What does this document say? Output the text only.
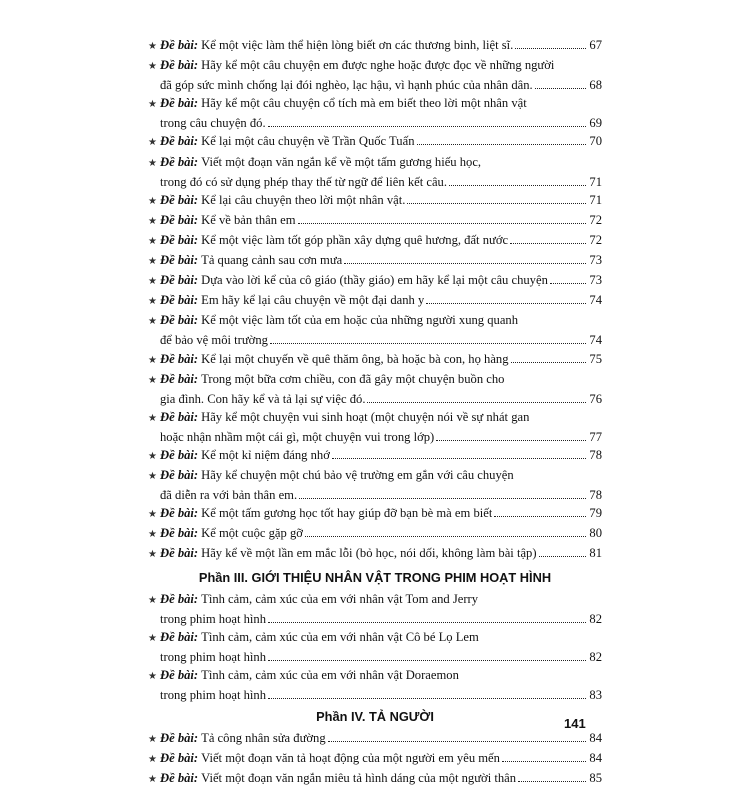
★ Đề bài: Kể một việc làm thể hiện lòng biết ơn các thương binh, liệt sĩ.	67
★ Đề bài: Hãy kể một câu chuyện em được nghe hoặc được đọc về những người
đã góp sức mình chống lại đói nghèo, lạc hậu, vì hạnh phúc của nhân dân.	68
★ Đề bài: Hãy kể một câu chuyện cổ tích mà em biết theo lời một nhân vật
trong câu chuyện đó.	69
★ Đề bài: Kể lại một câu chuyện về Trần Quốc Tuấn	70
★ Đề bài: Viết một đoạn văn ngắn kể về một tấm gương hiếu học,
trong đó có sử dụng phép thay thế từ ngữ để liên kết câu.	71
★ Đề bài: Kể lại câu chuyện theo lời một nhân vật.	71
★ Đề bài: Kể về bản thân em	72
★ Đề bài: Kể một việc làm tốt góp phần xây dựng quê hương, đất nước	72
★ Đề bài: Tả quang cảnh sau cơn mưa	73
★ Đề bài: Dựa vào lời kể của cô giáo (thầy giáo) em hãy kể lại một câu chuyện	73
★ Đề bài: Em hãy kể lại câu chuyện về một đại danh y	74
★ Đề bài: Kể một việc làm tốt của em hoặc của những người xung quanh
để bảo vệ môi trường	74
★ Đề bài: Kể lại một chuyến về quê thăm ông, bà hoặc bà con, họ hàng	75
★ Đề bài: Trong một bữa cơm chiều, con đã gây một chuyện buồn cho
gia đình. Con hãy kể và tả lại sự việc đó.	76
★ Đề bài: Hãy kể một chuyện vui sinh hoạt (một chuyện nói về sự nhát gan
hoặc nhận nhầm một cái gì, một chuyện vui trong lớp)	77
★ Đề bài: Kể một kỉ niệm đáng nhớ	78
★ Đề bài: Hãy kể chuyện một chú bảo vệ trường em gắn với câu chuyện
đã diễn ra với bản thân em.	78
★ Đề bài: Kể một tấm gương học tốt hay giúp đỡ bạn bè mà em biết	79
★ Đề bài: Kể một cuộc gặp gỡ	80
★ Đề bài: Hãy kể về một lần em mắc lỗi (bỏ học, nói dối, không làm bài tập)	81
Phần III. GIỚI THIỆU NHÂN VẬT TRONG PHIM HOẠT HÌNH
★ Đề bài: Tình cảm, cảm xúc của em với nhân vật Tom and Jerry
trong phim hoạt hình	82
★ Đề bài: Tình cảm, cảm xúc của em với nhân vật Cô bé Lọ Lem
trong phim hoạt hình	82
★ Đề bài: Tình cảm, cảm xúc của em với nhân vật Doraemon
trong phim hoạt hình	83
Phần IV. TẢ NGƯỜI
★ Đề bài: Tả công nhân sửa đường	84
★ Đề bài: Viết một đoạn văn tả hoạt động của một người em yêu mến	84
★ Đề bài: Viết một đoạn văn ngắn miêu tả hình dáng của một người thân	85
141
